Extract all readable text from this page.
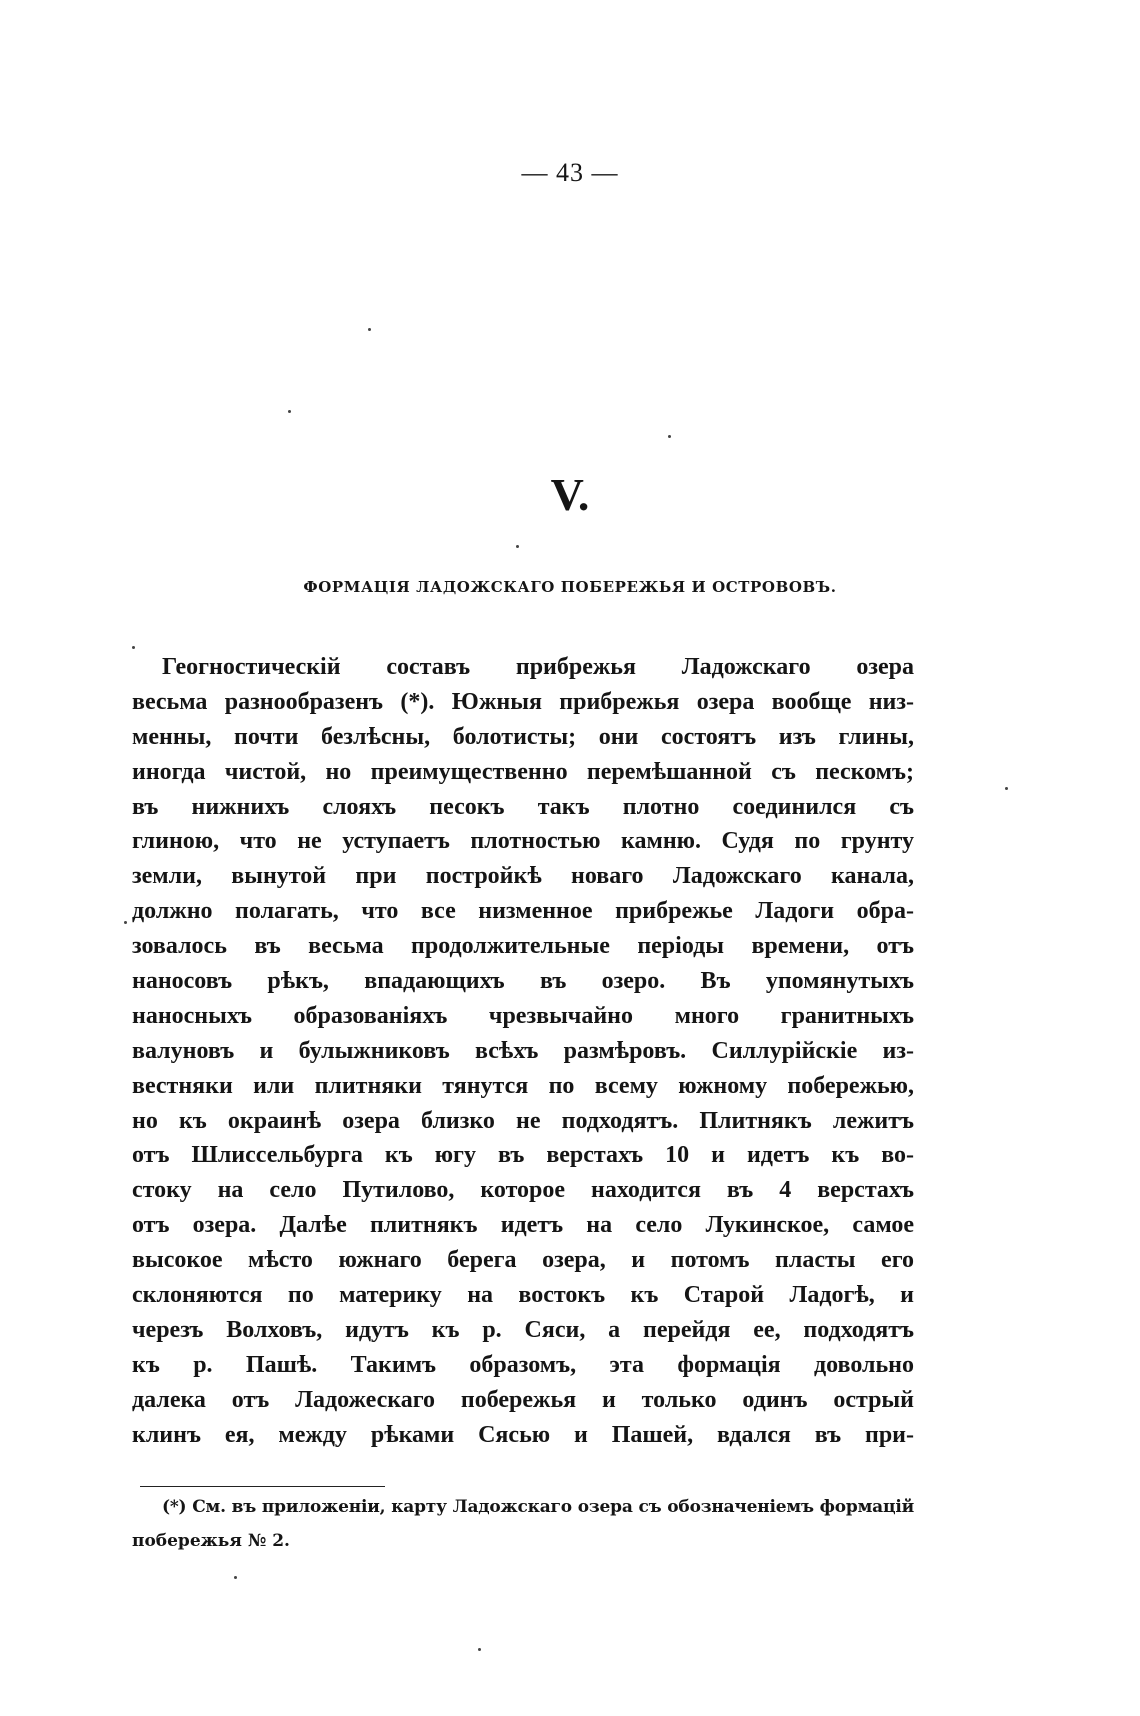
— 43 —
V.
ФОРМАЦІЯ ЛАДОЖСКАГО ПОБЕРЕЖЬЯ И ОСТРОВОВЪ.
Геогностическій составъ прибрежья Ладожскаго озера
весьма разнообразенъ (*). Южныя прибрежья озера вообще низ-
менны, почти безлѣсны, болотисты; они состоятъ изъ глины,
иногда чистой, но преимущественно перемѣшанной съ пескомъ;
въ нижнихъ слояхъ песокъ такъ плотно соединился съ
глиною, что не уступаетъ плотностью камню. Судя по грунту
земли, вынутой при постройкѣ новаго Ладожскаго канала,
должно полагать, что все низменное прибрежье Ладоги обра-
зовалось въ весьма продолжительные періоды времени, отъ
наносовъ рѣкъ, впадающихъ въ озеро. Въ упомянутыхъ
наносныхъ образованіяхъ чрезвычайно много гранитныхъ
валуновъ и булыжниковъ всѣхъ размѣровъ. Силлурійскіе из-
вестняки или плитняки тянутся по всему южному побережью,
но къ окраинѣ озера близко не подходятъ. Плитнякъ лежитъ
отъ Шлиссельбурга къ югу въ верстахъ 10 и идетъ къ во-
стоку на село Путилово, которое находится въ 4 верстахъ
отъ озера. Далѣе плитнякъ идетъ на село Лукинское, самое
высокое мѣсто южнаго берега озера, и потомъ пласты его
склоняются по материку на востокъ къ Старой Ладогѣ, и
черезъ Волховъ, идутъ къ р. Сяси, а перейдя ее, подходятъ
къ р. Пашѣ. Такимъ образомъ, эта формація довольно
далека отъ Ладожескаго побережья и только одинъ острый
клинъ ея, между рѣками Сясью и Пашей, вдался въ при-
(*) См. въ приложеніи, карту Ладожскаго озера съ обозначеніемъ формацій
побережья № 2.
